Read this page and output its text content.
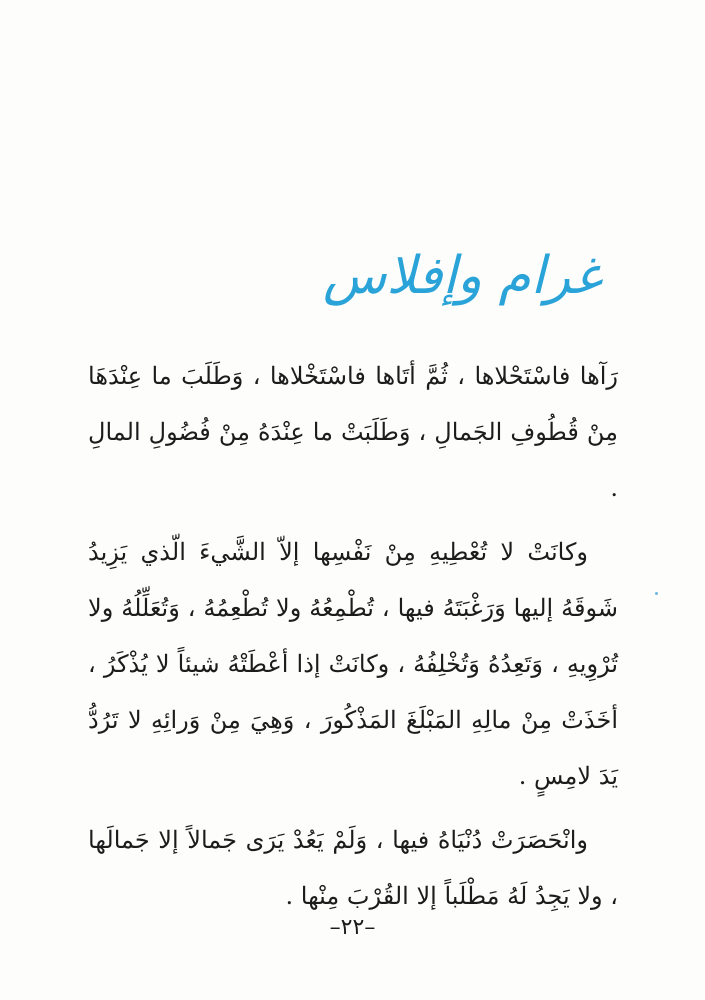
غرام وإفلاس

رَآها فاسْتَحْلاها ، ثُمَّ أتَاها فاسْتَخْلاها ، وَطَلَبَ ما عِنْدَهَا مِنْ قُطُوفِ الجَمالِ ، وَطَلَبَتْ ما عِنْدَهُ مِنْ فُضُولِ المالِ .

وكانَتْ لا تُعْطِيهِ مِنْ نَفْسِها إلاّ الشَّيءَ الّذي يَزِيدُ شَوقَهُ إليها وَرَغْبَتَهُ فيها ، تُطْمِعُهُ ولا تُطْعِمُهُ ، وَتُعَلِّلُهُ ولا تُرْوِيهِ ، وَتَعِدُهُ وَتُخْلِفُهُ ، وكانَتْ إذا أعْطَتْهُ شيئاً لا يُذْكَرُ ، أخَذَتْ مِنْ مالِهِ المَبْلَغَ المَذْكُورَ ، وَهِيَ مِنْ وَرائِهِ لا تَرُدُّ يَدَ لامِسٍ .

وانْحَصَرَتْ دُنْيَاهُ فيها ، وَلَمْ يَعُدْ يَرَى جَمالاً إلا جَمالَها ، ولا يَجِدُ لَهُ مَطْلَباً إلا القُرْبَ مِنْها .

–٢٢–
